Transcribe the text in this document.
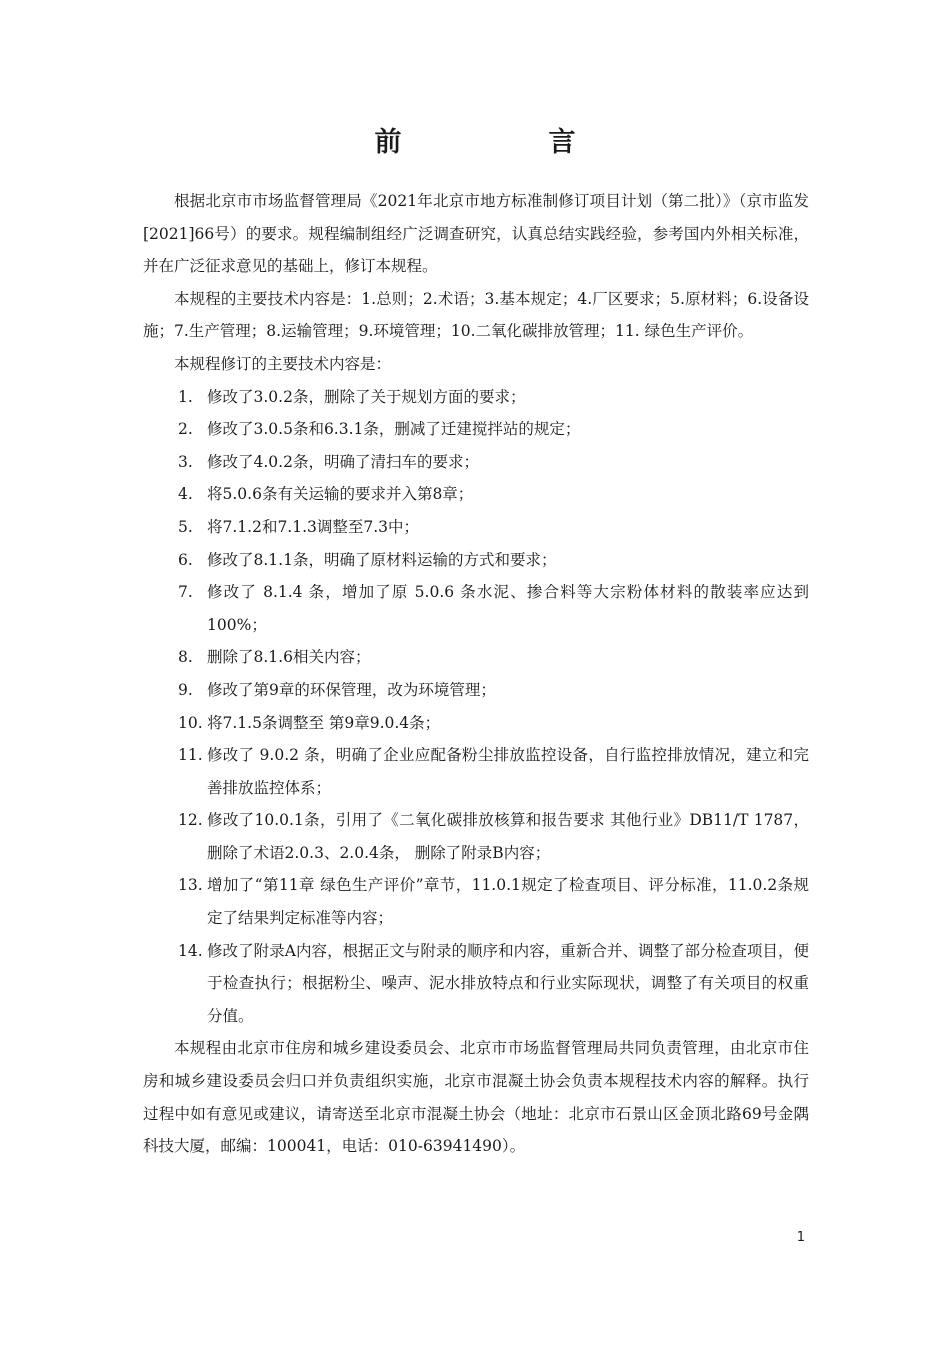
前　言

根据北京市市场监督管理局《2021年北京市地方标准制修订项目计划（第二批）》（京市监发[2021]66号）的要求。规程编制组经广泛调查研究，认真总结实践经验，参考国内外相关标准，并在广泛征求意见的基础上，修订本规程。

本规程的主要技术内容是：1.总则；2.术语；3.基本规定；4.厂区要求；5.原材料；6.设备设施；7.生产管理；8.运输管理；9.环境管理；10.二氧化碳排放管理；11. 绿色生产评价。

本规程修订的主要技术内容是：

1. 修改了3.0.2条，删除了关于规划方面的要求；
2. 修改了3.0.5条和6.3.1条，删减了迁建搅拌站的规定；
3. 修改了4.0.2条，明确了清扫车的要求；
4. 将5.0.6条有关运输的要求并入第8章；
5. 将7.1.2和7.1.3调整至7.3中；
6. 修改了8.1.1条，明确了原材料运输的方式和要求；
7. 修改了 8.1.4 条，增加了原 5.0.6 条水泥、掺合料等大宗粉体材料的散装率应达到100%；
8. 删除了8.1.6相关内容；
9. 修改了第9章的环保管理，改为环境管理；
10. 将7.1.5条调整至 第9章9.0.4条；
11. 修改了 9.0.2 条，明确了企业应配备粉尘排放监控设备，自行监控排放情况，建立和完善排放监控体系；
12. 修改了10.0.1条，引用了《二氧化碳排放核算和报告要求 其他行业》DB11/T 1787，删除了术语2.0.3、2.0.4条， 删除了附录B内容；
13. 增加了“第11章 绿色生产评价”章节，11.0.1规定了检查项目、评分标准，11.0.2条规定了结果判定标准等内容；
14. 修改了附录A内容，根据正文与附录的顺序和内容，重新合并、调整了部分检查项目，便于检查执行；根据粉尘、噪声、泥水排放特点和行业实际现状，调整了有关项目的权重分值。

本规程由北京市住房和城乡建设委员会、北京市市场监督管理局共同负责管理，由北京市住房和城乡建设委员会归口并负责组织实施，北京市混凝土协会负责本规程技术内容的解释。执行过程中如有意见或建议，请寄送至北京市混凝土协会（地址：北京市石景山区金顶北路69号金隅科技大厦，邮编：100041，电话：010-63941490）。

1
